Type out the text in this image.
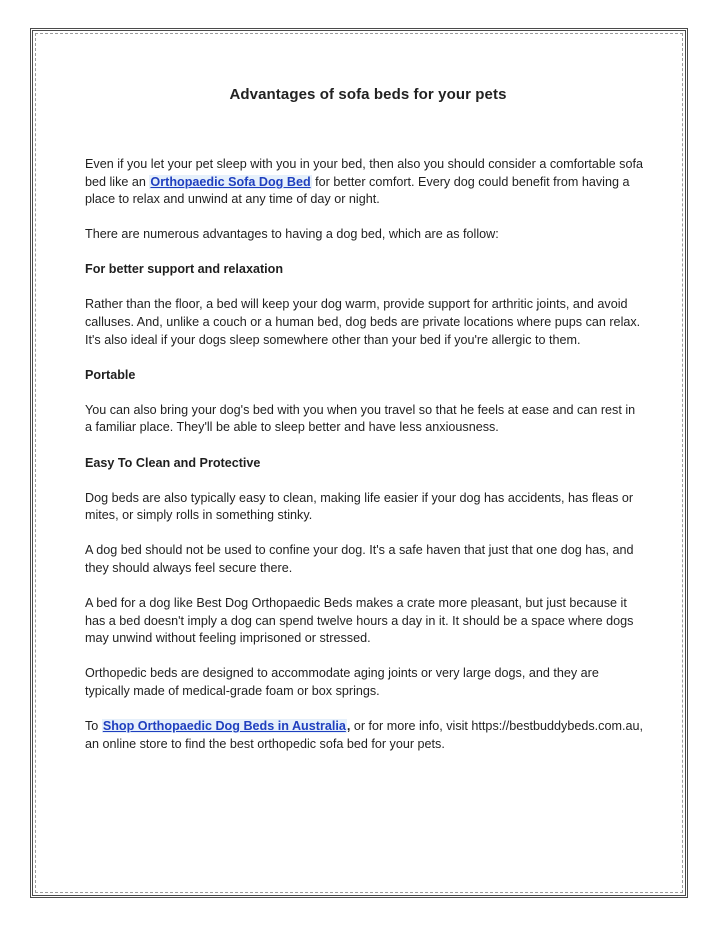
Advantages of sofa beds for your pets

Even if you let your pet sleep with you in your bed, then also you should consider a comfortable sofa bed like an Orthopaedic Sofa Dog Bed for better comfort. Every dog could benefit from having a place to relax and unwind at any time of day or night.

There are numerous advantages to having a dog bed, which are as follow:

For better support and relaxation

Rather than the floor, a bed will keep your dog warm, provide support for arthritic joints, and avoid calluses. And, unlike a couch or a human bed, dog beds are private locations where pups can relax. It's also ideal if your dogs sleep somewhere other than your bed if you're allergic to them.

Portable

You can also bring your dog's bed with you when you travel so that he feels at ease and can rest in a familiar place. They'll be able to sleep better and have less anxiousness.

Easy To Clean and Protective

Dog beds are also typically easy to clean, making life easier if your dog has accidents, has fleas or mites, or simply rolls in something stinky.

A dog bed should not be used to confine your dog. It's a safe haven that just that one dog has, and they should always feel secure there.

A bed for a dog like Best Dog Orthopaedic Beds makes a crate more pleasant, but just because it has a bed doesn't imply a dog can spend twelve hours a day in it. It should be a space where dogs may unwind without feeling imprisoned or stressed.

Orthopedic beds are designed to accommodate aging joints or very large dogs, and they are typically made of medical-grade foam or box springs.

To Shop Orthopaedic Dog Beds in Australia, or for more info, visit https://bestbuddybeds.com.au, an online store to find the best orthopedic sofa bed for your pets.
